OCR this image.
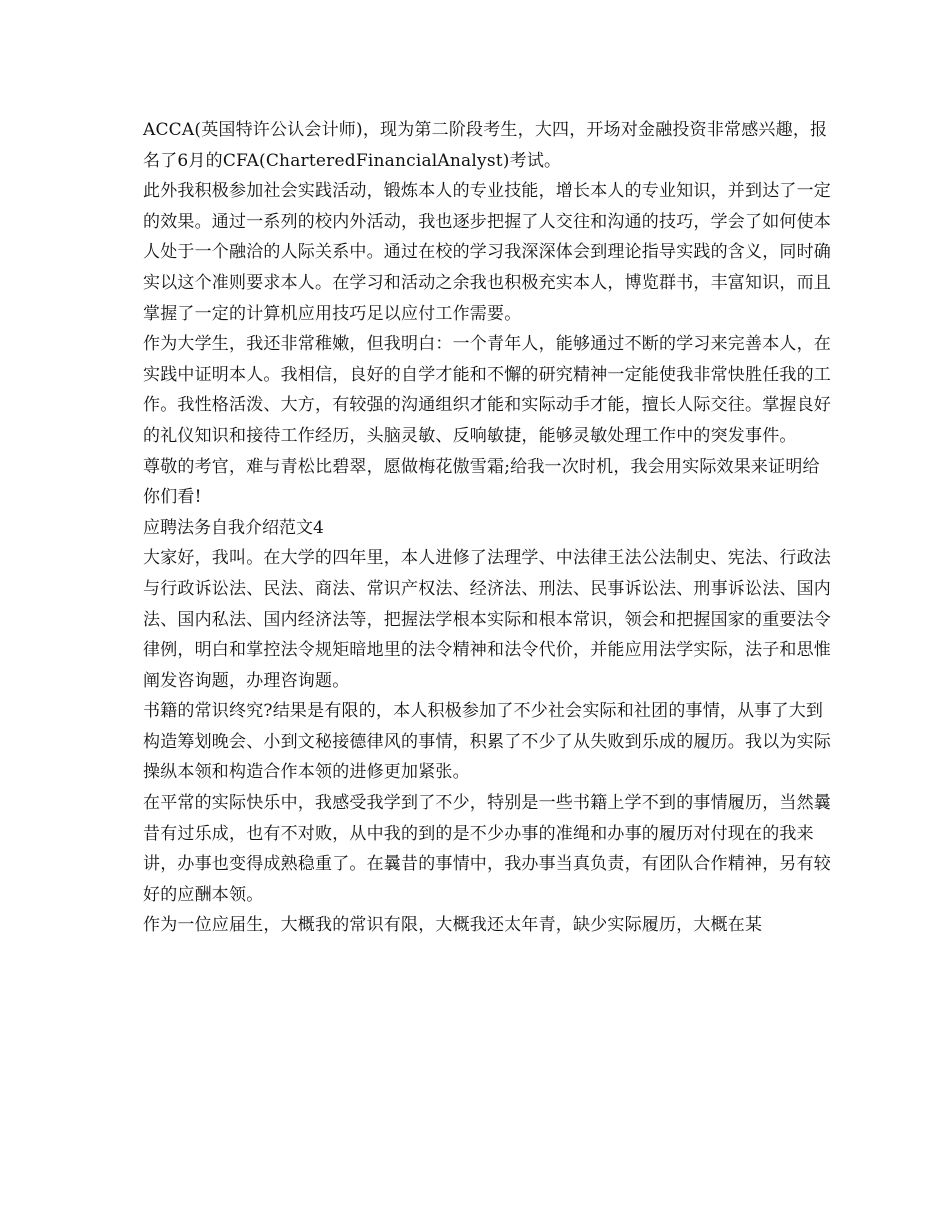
ACCA(英国特许公认会计师)，现为第二阶段考生，大四，开场对金融投资非常感兴趣，报名了6月的CFA(CharteredFinancialAnalyst)考试。

此外我积极参加社会实践活动，锻炼本人的专业技能，增长本人的专业知识，并到达了一定的效果。通过一系列的校内外活动，我也逐步把握了人交往和沟通的技巧，学会了如何使本人处于一个融洽的人际关系中。通过在校的学习我深深体会到理论指导实践的含义，同时确实以这个准则要求本人。在学习和活动之余我也积极充实本人，博览群书，丰富知识，而且掌握了一定的计算机应用技巧足以应付工作需要。

作为大学生，我还非常稚嫩，但我明白：一个青年人，能够通过不断的学习来完善本人，在实践中证明本人。我相信，良好的自学才能和不懈的研究精神一定能使我非常快胜任我的工作。我性格活泼、大方，有较强的沟通组织才能和实际动手才能，擅长人际交往。掌握良好的礼仪知识和接待工作经历，头脑灵敏、反响敏捷，能够灵敏处理工作中的突发事件。

尊敬的考官，难与青松比碧翠，愿做梅花傲雪霜;给我一次时机，我会用实际效果来证明给你们看!

应聘法务自我介绍范文4

大家好，我叫。在大学的四年里，本人进修了法理学、中法律王法公法制史、宪法、行政法与行政诉讼法、民法、商法、常识产权法、经济法、刑法、民事诉讼法、刑事诉讼法、国内法、国内私法、国内经济法等，把握法学根本实际和根本常识，领会和把握国家的重要法令律例，明白和掌控法令规矩暗地里的法令精神和法令代价，并能应用法学实际，法子和思惟阐发咨询题，办理咨询题。

书籍的常识终究?结果是有限的，本人积极参加了不少社会实际和社团的事情，从事了大到构造筹划晚会、小到文秘接德律风的事情，积累了不少了从失败到乐成的履历。我以为实际操纵本领和构造合作本领的进修更加紧张。

在平常的实际快乐中，我感受我学到了不少，特别是一些书籍上学不到的事情履历，当然曩昔有过乐成，也有不对败，从中我的到的是不少办事的准绳和办事的履历对付现在的我来讲，办事也变得成熟稳重了。在曩昔的事情中，我办事当真负责，有团队合作精神，另有较好的应酬本领。

作为一位应届生，大概我的常识有限，大概我还太年青，缺少实际履历，大概在某
